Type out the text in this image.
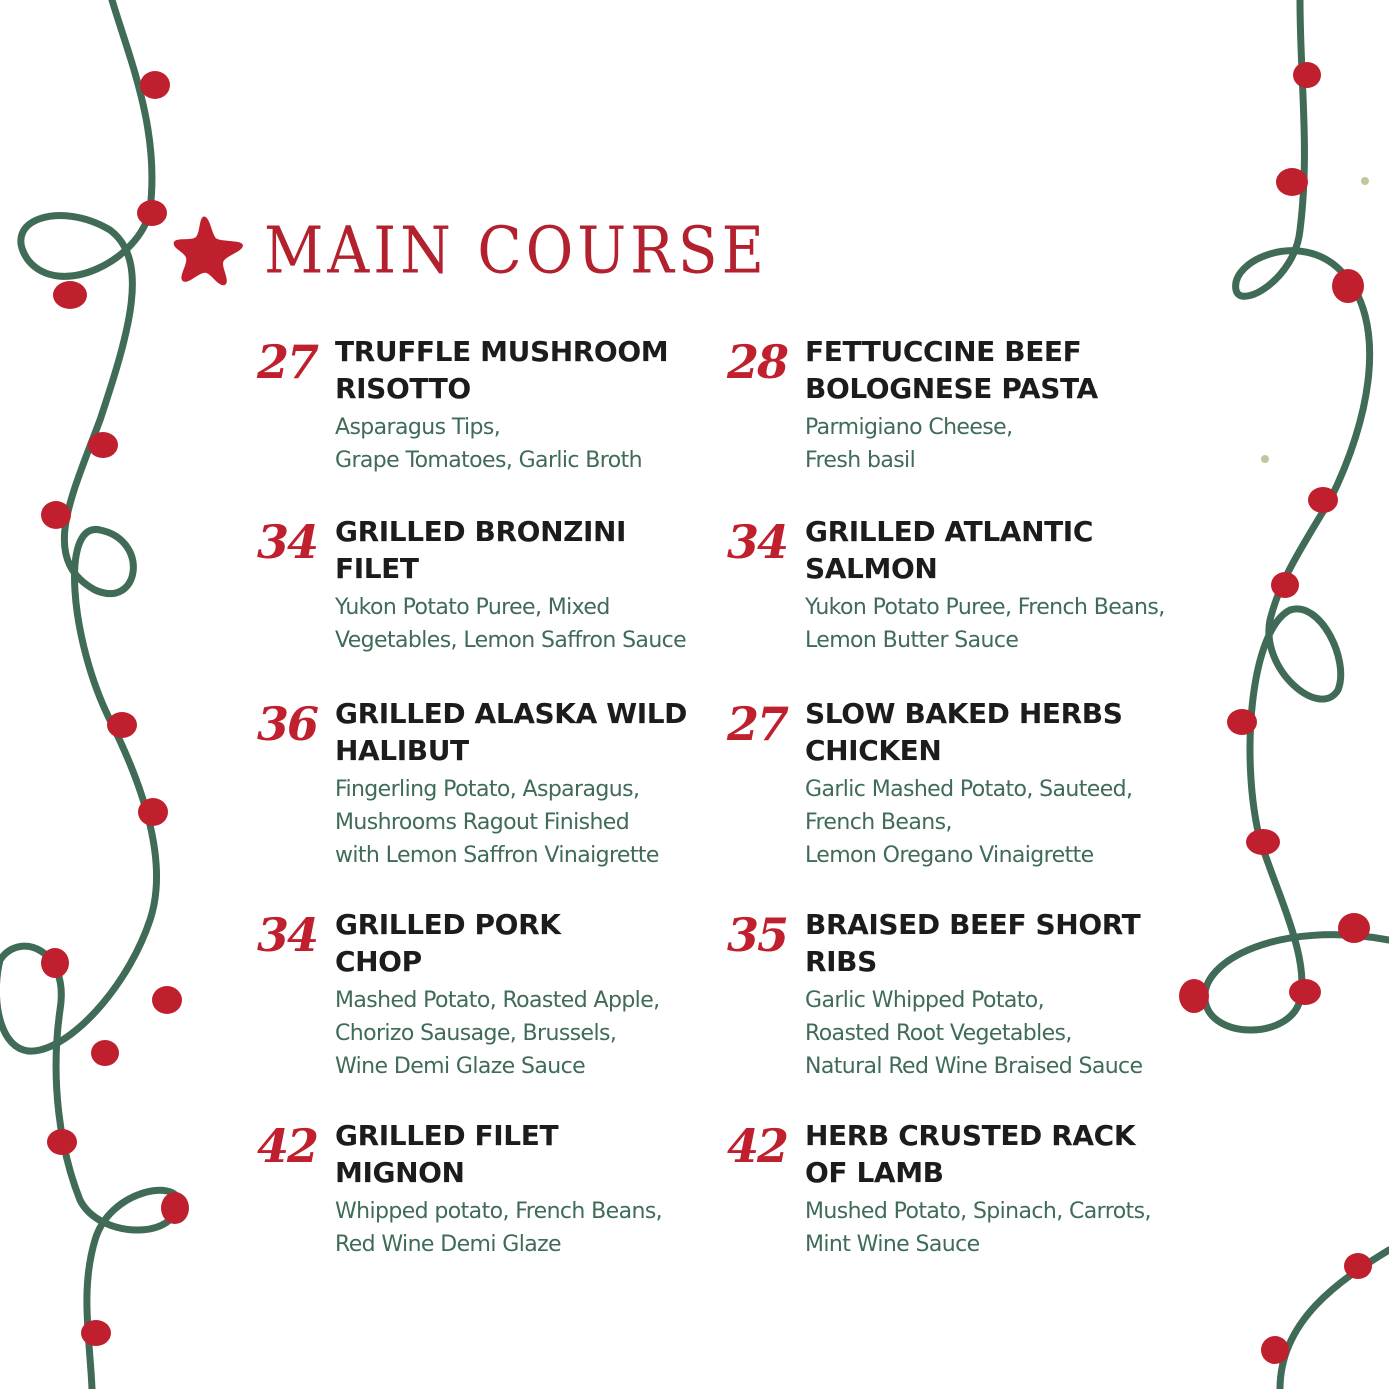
MAIN COURSE
27 TRUFFLE MUSHROOM
RISOTTO
Asparagus Tips,
Grape Tomatoes, Garlic Broth
34 GRILLED BRONZINI
FILET
Yukon Potato Puree, Mixed
Vegetables, Lemon Saffron Sauce
36 GRILLED ALASKA WILD
HALIBUT
Fingerling Potato, Asparagus,
Mushrooms Ragout Finished
with Lemon Saffron Vinaigrette
34 GRILLED PORK
CHOP
Mashed Potato, Roasted Apple,
Chorizo Sausage, Brussels,
Wine Demi Glaze Sauce
42 GRILLED FILET
MIGNON
Whipped potato, French Beans,
Red Wine Demi Glaze
28 FETTUCCINE BEEF
BOLOGNESE PASTA
Parmigiano Cheese,
Fresh basil
34 GRILLED ATLANTIC
SALMON
Yukon Potato Puree, French Beans,
Lemon Butter Sauce
27 SLOW BAKED HERBS
CHICKEN
Garlic Mashed Potato, Sauteed,
French Beans,
Lemon Oregano Vinaigrette
35 BRAISED BEEF SHORT
RIBS
Garlic Whipped Potato,
Roasted Root Vegetables,
Natural Red Wine Braised Sauce
42 HERB CRUSTED RACK
OF LAMB
Mushed Potato, Spinach, Carrots,
Mint Wine Sauce
